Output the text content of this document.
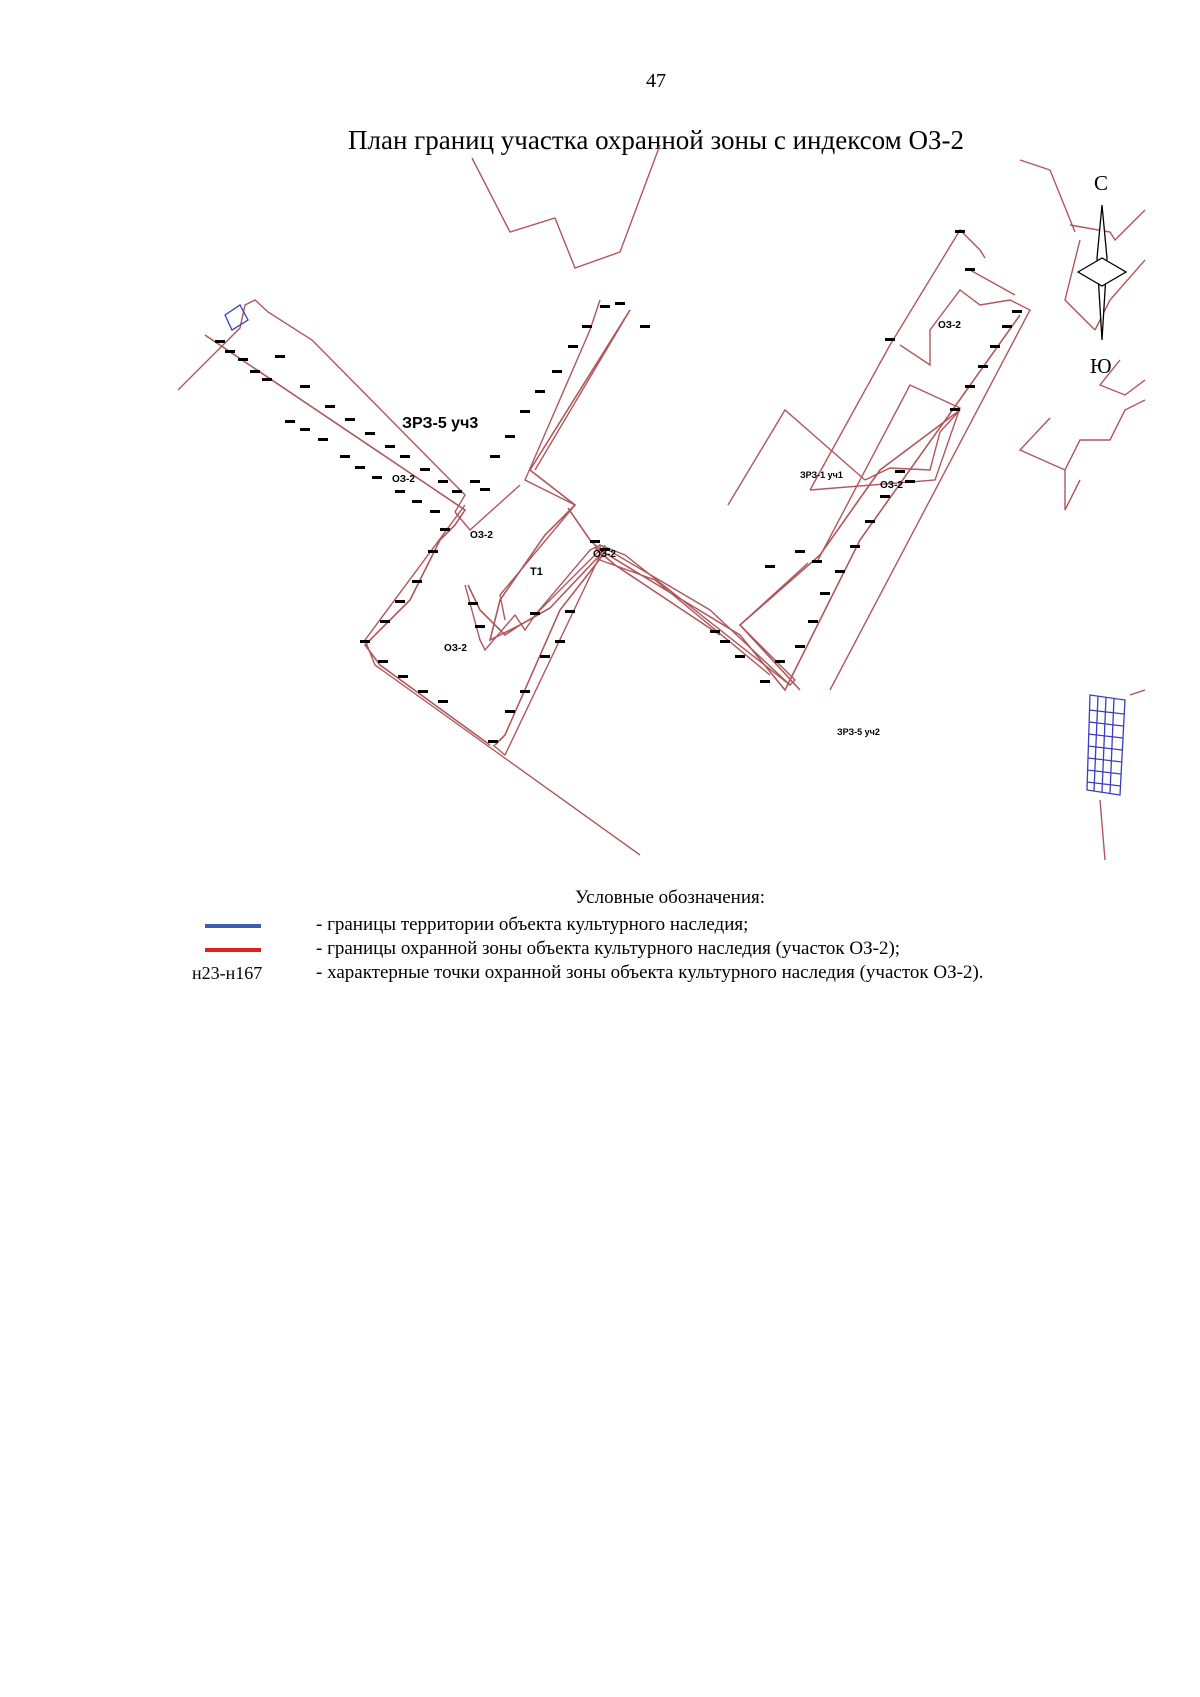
47
План границ участка охранной зоны с индексом ОЗ-2
ЗРЗ-5 уч3
ЗРЗ-5 уч2
ЗРЗ-1 уч1
ОЗ-2
ОЗ-2
ОЗ-2
ОЗ-2
ОЗ-2
ОЗ-2
Т1
С
Ю
Условные обозначения:
- границы территории объекта культурного наследия;
- границы охранной зоны объекта культурного наследия (участок ОЗ-2);
н23-н167	- характерные точки охранной зоны объекта культурного наследия (участок ОЗ-2).
